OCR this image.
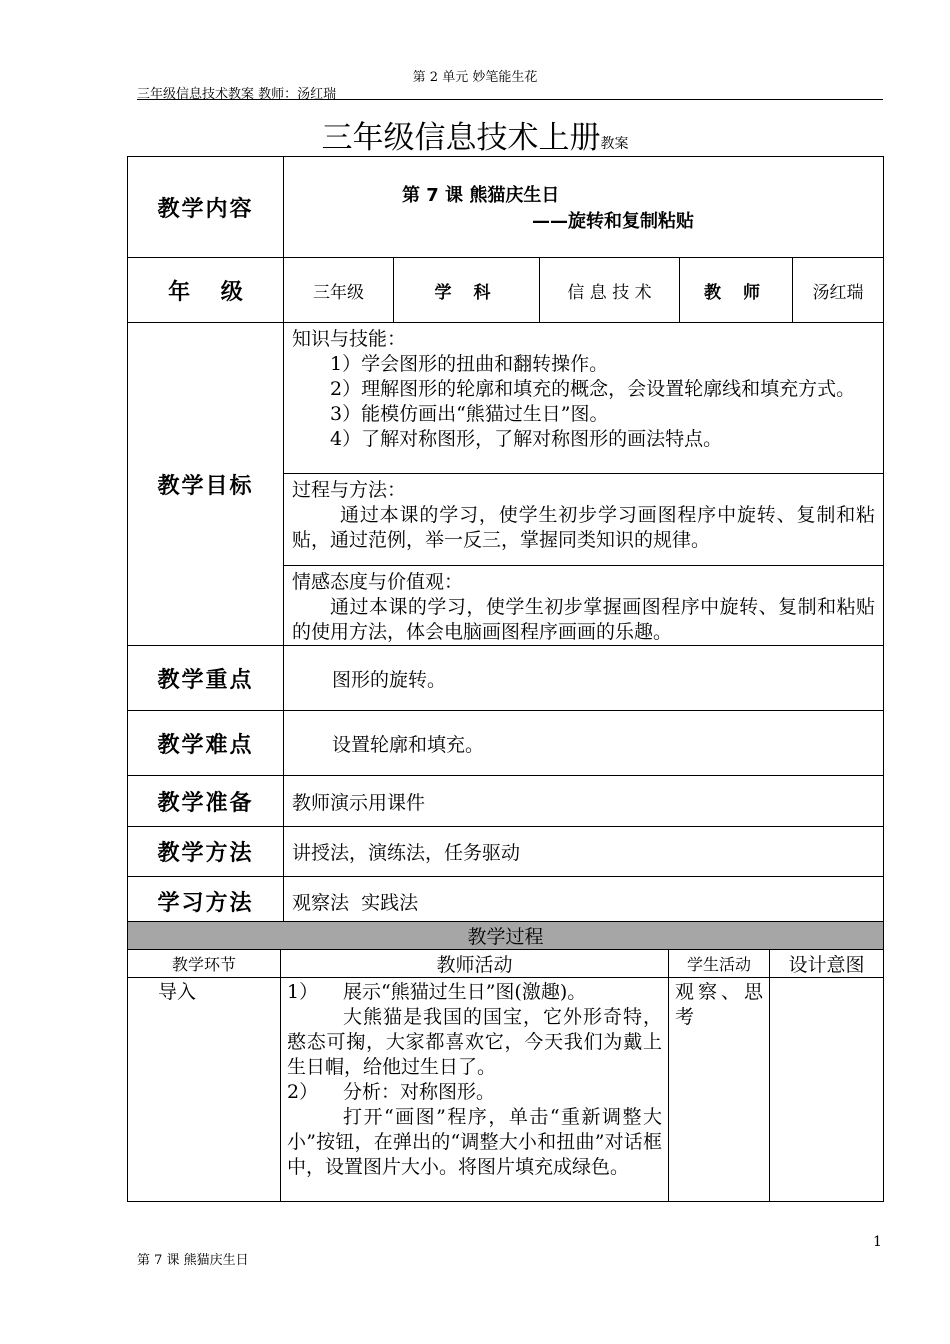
第 2 单元 妙笔能生花
三年级信息技术教案 教师：汤红瑞
三年级信息技术上册教案
教学内容	第 7 课 熊猫庆生日
——旋转和复制粘贴				

年    级	三年级	学 科	信 息 技 术	教 师	汤红瑞
教学目标	知识与技能：
1）学会图形的扭曲和翻转操作。
2）理解图形的轮廓和填充的概念，会设置轮廓线和填充方式。
3）能模仿画出“熊猫过生日”图。
4）了解对称图形，了解对称图形的画法特点。				

	过程与方法：
通过本课的学习，使学生初步学习画图程序中旋转、复制和粘贴，通过范例，举一反三，掌握同类知识的规律。				

	情感态度与价值观：
通过本课的学习，使学生初步掌握画图程序中旋转、复制和粘贴的使用方法，体会电脑画图程序画画的乐趣。				

教学重点	图形的旋转。				
教学难点	设置轮廓和填充。				
教学准备	教师演示用课件				
教学方法	讲授法，演练法，任务驱动				
学习方法	观察法  实践法				
教学过程			
教学环节	教师活动	学生活动	设计意图
导入	1） 展示“熊猫过生日”图(激趣)。
大熊猫是我国的国宝，它外形奇特，憨态可掬，大家都喜欢它，今天我们为戴上生日帽，给他过生日了。
2） 分析：对称图形。
打开“画图”程序，单击“重新调整大小”按钮，在弹出的“调整大小和扭曲”对话框中，设置图片大小。将图片填充成绿色。	观察、思考	
1
第 7 课 熊猫庆生日
